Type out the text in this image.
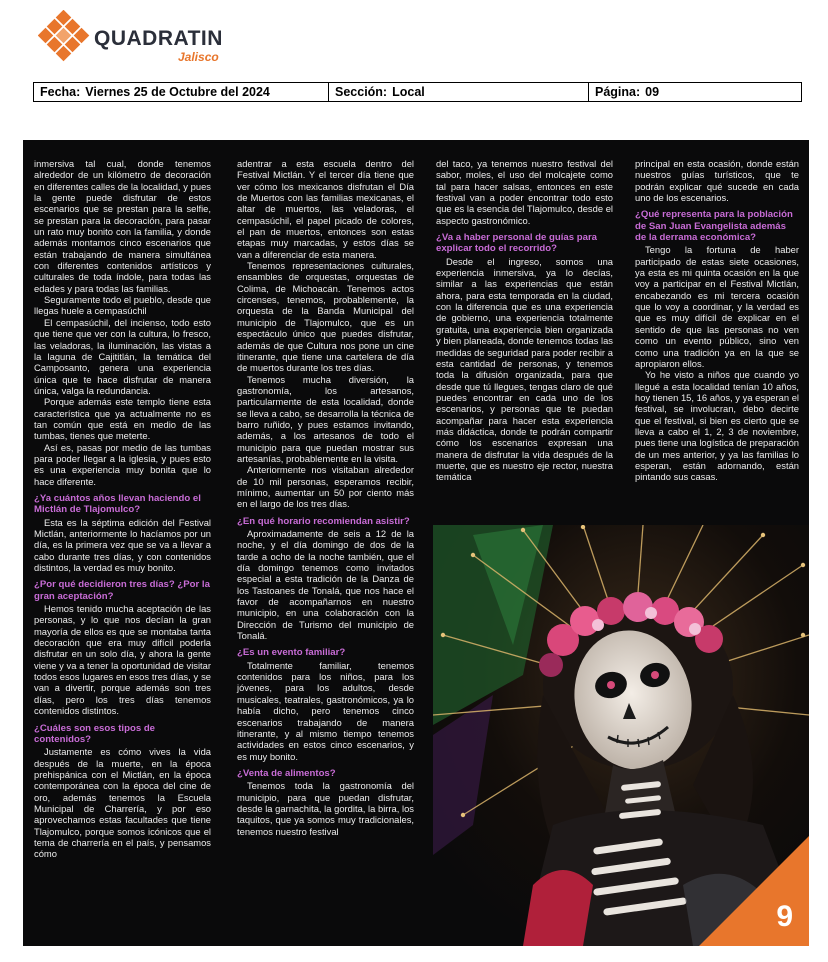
QUADRATIN
Jalisco
Fecha: Viernes 25 de Octubre del 2024	Sección: Local	Página: 09
9

inmersiva tal cual, donde tenemos alrededor de un kilómetro de decoración en diferentes calles de la localidad, y pues la gente puede disfrutar de estos escenarios que se prestan para la selfie, se prestan para la decoración, para pasar un rato muy bonito con la familia, y donde además montamos cinco escenarios que están trabajando de manera simultánea con diferentes contenidos artísticos y culturales de toda índole, para todas las edades y para todas las familias.

Seguramente todo el pueblo, desde que llegas huele a cempasúchil

El cempasúchil, del incienso, todo esto que tiene que ver con la cultura, lo fresco, las veladoras, la iluminación, las vistas a la laguna de Cajititlán, la temática del Camposanto, genera una experiencia única que te hace disfrutar de manera única, valga la redundancia.

Porque además este templo tiene esta característica que ya actualmente no es tan común que está en medio de las tumbas, tienes que meterte.

Así es, pasas por medio de las tumbas para poder llegar a la iglesia, y pues esto es una experiencia muy bonita que lo hace diferente.

¿Ya cuántos años llevan haciendo el Mictlán de Tlajomulco?

Esta es la séptima edición del Festival Mictlán, anteriormente lo hacíamos por un día, es la primera vez que se va a llevar a cabo durante tres días, y con contenidos distintos, la verdad es muy bonito.

¿Por qué decidieron tres días? ¿Por la gran aceptación?

Hemos tenido mucha aceptación de las personas, y lo que nos decían la gran mayoría de ellos es que se montaba tanta decoración que era muy difícil poderla disfrutar en un solo día, y ahora la gente viene y va a tener la oportunidad de visitar todos esos lugares en esos tres días, y se van a divertir, porque además son tres días, pero los tres días tenemos contenidos distintos.

¿Cuáles son esos tipos de contenidos?

Justamente es cómo vives la vida después de la muerte, en la época prehispánica con el Mictlán, en la época contemporánea con la época del cine de oro, además tenemos la Escuela Municipal de Charrería, y por eso aprovechamos estas facultades que tiene Tlajomulco, porque somos icónicos que el tema de charrería en el país, y pensamos cómo

adentrar a esta escuela dentro del Festival Mictlán. Y el tercer día tiene que ver cómo los mexicanos disfrutan el Día de Muertos con las familias mexicanas, el altar de muertos, las veladoras, el cempasúchil, el papel picado de colores, el pan de muertos, entonces son estas etapas muy marcadas, y estos días se van a diferenciar de esta manera.

Tenemos representaciones culturales, ensambles de orquestas, orquestas de Colima, de Michoacán. Tenemos actos circenses, tenemos, probablemente, la orquesta de la Banda Municipal del municipio de Tlajomulco, que es un espectáculo único que puedes disfrutar, además de que Cultura nos pone un cine itinerante, que tiene una cartelera de día de muertos durante los tres días.

Tenemos mucha diversión, la gastronomía, los artesanos, particularmente de esta localidad, donde se lleva a cabo, se desarrolla la técnica de barro ruñido, y pues estamos invitando, además, a los artesanos de todo el municipio para que puedan mostrar sus artesanías, probablemente en la visita.

Anteriormente nos visitaban alrededor de 10 mil personas, esperamos recibir, mínimo, aumentar un 50 por ciento más en el largo de los tres días.

¿En qué horario recomiendan asistir?

Aproximadamente de seis a 12 de la noche, y el día domingo de dos de la tarde a ocho de la noche también, que el día domingo tenemos como invitados especial a esta tradición de la Danza de los Tastoanes de Tonalá, que nos hace el favor de acompañarnos en nuestro municipio, en una colaboración con la Dirección de Turismo del municipio de Tonalá.

¿Es un evento familiar?

Totalmente familiar, tenemos contenidos para los niños, para los jóvenes, para los adultos, desde musicales, teatrales, gastronómicos, ya lo había dicho, pero tenemos cinco escenarios trabajando de manera itinerante, y al mismo tiempo tenemos actividades en estos cinco escenarios, y es muy bonito.

¿Venta de alimentos?

Tenemos toda la gastronomía del municipio, para que puedan disfrutar, desde la garnachita, la gordita, la birra, los taquitos, que ya somos muy tradicionales, tenemos nuestro festival

del taco, ya tenemos nuestro festival del sabor, moles, el uso del molcajete como tal para hacer salsas, entonces en este festival van a poder encontrar todo esto que es la esencia del Tlajomulco, desde el aspecto gastronómico.

¿Va a haber personal de guías para explicar todo el recorrido?

Desde el ingreso, somos una experiencia inmersiva, ya lo decías, similar a las experiencias que están ahora, para esta temporada en la ciudad, con la diferencia que es una experiencia de gobierno, una experiencia totalmente gratuita, una experiencia bien organizada y bien planeada, donde tenemos todas las medidas de seguridad para poder recibir a esta cantidad de personas, y tenemos toda la difusión organizada, para que desde que tú llegues, tengas claro de qué puedes encontrar en cada uno de los escenarios, y personas que te puedan acompañar para hacer esta experiencia más didáctica, donde te podrán compartir cómo los escenarios expresan una manera de disfrutar la vida después de la muerte, que es nuestro eje rector, nuestra temática

principal en esta ocasión, donde están nuestros guías turísticos, que te podrán explicar qué sucede en cada uno de los escenarios.

¿Qué representa para la población de San Juan Evangelista además de la derrama económica?

Tengo la fortuna de haber participado de estas siete ocasiones, ya esta es mi quinta ocasión en la que voy a participar en el Festival Mictlán, encabezando es mi tercera ocasión que lo voy a coordinar, y la verdad es que es muy difícil de explicar en el sentido de que las personas no ven como un evento público, sino ven como una tradición ya en la que se apropiaron ellos.

Yo he visto a niños que cuando yo llegué a esta localidad tenían 10 años, hoy tienen 15, 16 años, y ya esperan el festival, se involucran, debo decirte que el festival, si bien es cierto que se lleva a cabo el 1, 2, 3 de noviembre, pues tiene una logística de preparación de un mes anterior, y ya las familias lo esperan, están adornando, están pintando sus casas.
